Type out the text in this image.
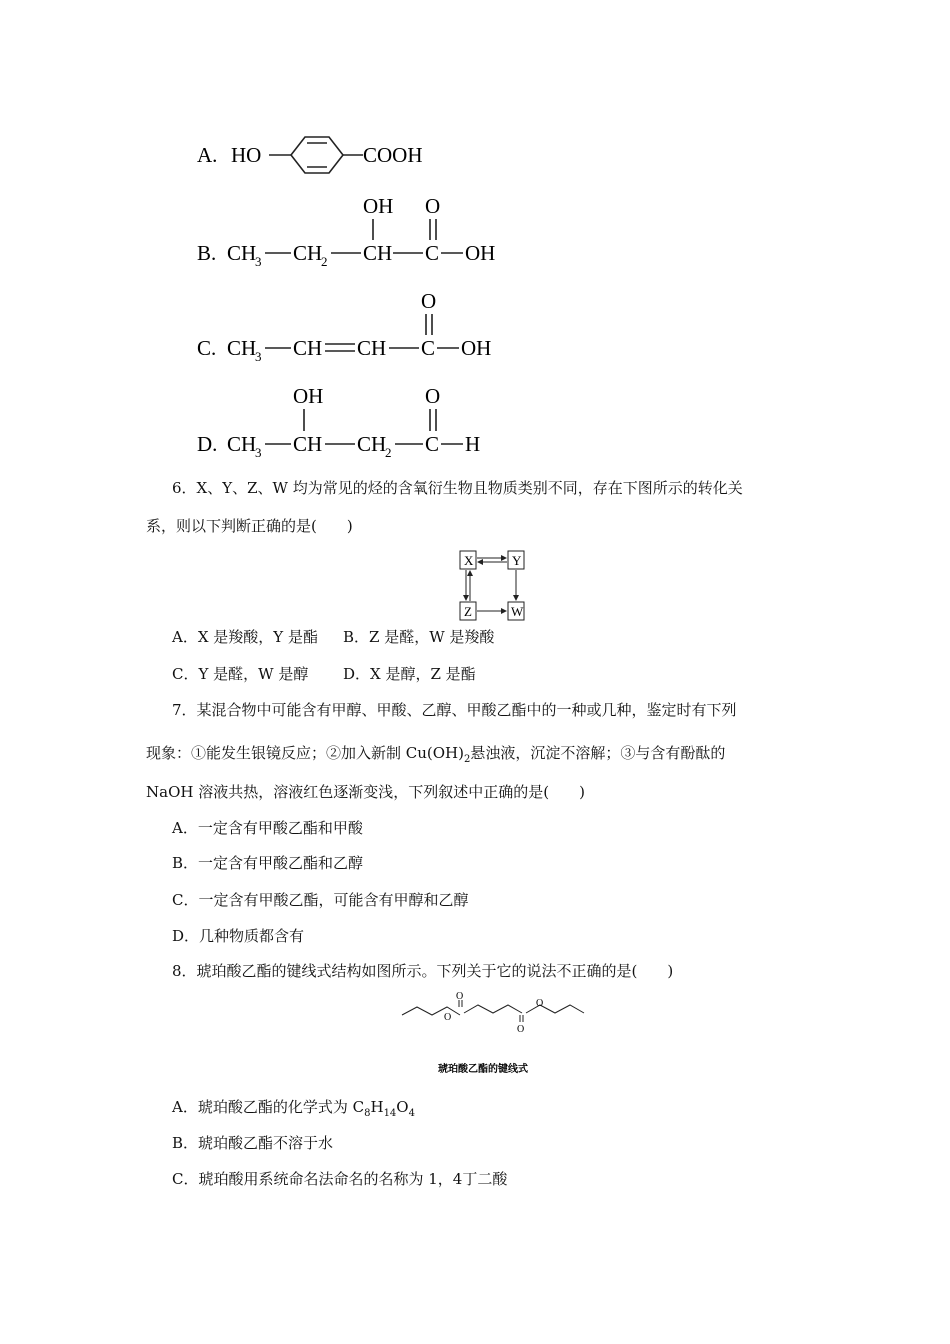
A. HO	COOH
B. CH
3 CH
2 CH
OH
C
O
OH
C. CH
3 CH CH C
O
OH
D. CH
3 CH
OH
CH
2 C
O
H
6．X、Y、Z、W 均为常见的烃的含氧衍生物且物质类别不同，存在下图所示的转化关
系，则以下判断正确的是(　　)
X	Y
Z	W
A．X 是羧酸，Y 是酯 B．Z 是醛，W 是羧酸
C．Y 是醛，W 是醇 D．X 是醇，Z 是酯
7．某混合物中可能含有甲醇、甲酸、乙醇、甲酸乙酯中的一种或几种，鉴定时有下列
现象：①能发生银镜反应；②加入新制 $Cu(OH)_2$悬浊液，沉淀不溶解；③与含有酚酞的
NaOH 溶液共热，溶液红色逐渐变浅，下列叙述中正确的是(　　)
A．一定含有甲酸乙酯和甲酸
B．一定含有甲酸乙酯和乙醇
C．一定含有甲酸乙酯，可能含有甲醇和乙醇
D．几种物质都含有
8．琥珀酸乙酯的键线式结构如图所示。下列关于它的说法不正确的是(　　)
O
O
O
O
琥珀酸乙酯的键线式
A．琥珀酸乙酯的化学式为 $C_8H_{14}O_4$
B．琥珀酸乙酯不溶于水
C．琥珀酸用系统命名法命名的名称为 1，4丁二酸
